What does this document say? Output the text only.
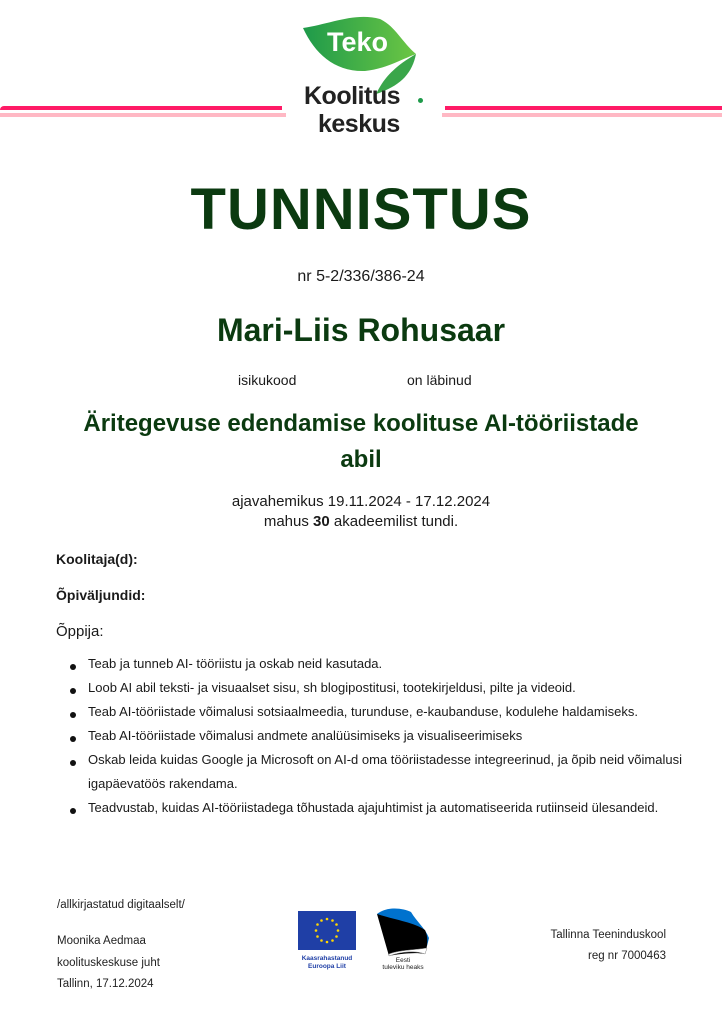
Teko
Koolitus
keskus
TUNNISTUS
nr 5-2/336/386-24
Mari-Liis Rohusaar
isikukood	on läbinud
Äritegevuse edendamise koolituse AI-tööriistade abil
ajavahemikus 19.11.2024 - 17.12.2024
mahus 30 akadeemilist tundi.
Koolitaja(d):
Õpiväljundid:
Õppija:
Teab ja tunneb AI- tööriistu ja oskab neid kasutada.
Loob AI abil teksti- ja visuaalset sisu, sh blogipostitusi, tootekirjeldusi, pilte ja videoid.
Teab AI-tööriistade võimalusi sotsiaalmeedia, turunduse, e-kaubanduse, kodulehe haldamiseks.
Teab AI-tööriistade võimalusi andmete analüüsimiseks ja visualiseerimiseks
Oskab leida kuidas Google ja Microsoft on AI-d oma tööriistadesse integreerinud, ja õpib neid võimalusi igapäevatöös rakendama.
Teadvustab, kuidas AI-tööriistadega tõhustada ajajuhtimist ja automatiseerida rutiinseid ülesandeid.
/allkirjastatud digitaalselt/
Moonika Aedmaa
koolituskeskuse juht
Tallinn, 17.12.2024
Kaasrahastanud
Euroopa Liit
Eesti
tuleviku heaks
Tallinna Teeninduskool
reg nr 7000463
